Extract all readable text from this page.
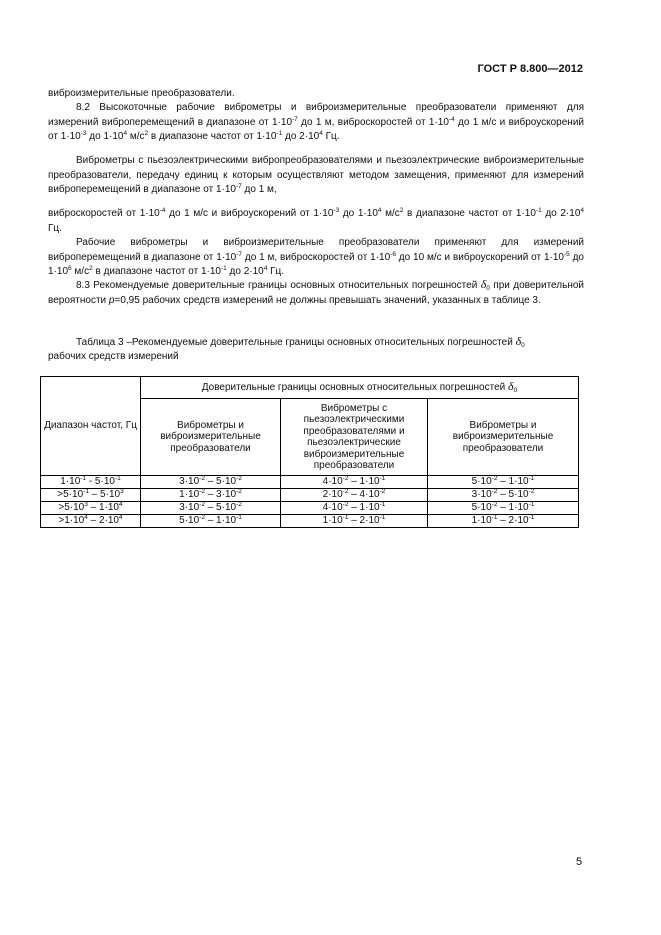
ГОСТ Р 8.800—2012

виброизмерительные преобразователи.

8.2 Высокоточные рабочие виброметры и виброизмерительные преобразователи применяют для измерений виброперемещений в диапазоне от $1\cdot 10^{-7}$ до 1 м, виброскоростей от $1\cdot 10^{-4}$ до 1 м/с и виброускорений от $1\cdot 10^{-3}$ до $1\cdot 10^4$ $м/с^2$ в диапазоне частот от $1\cdot 10^{-1}$ до $2\cdot 10^4$ Гц.

Виброметры с пьезоэлектрическими вибропреобразователями и пьезоэлектрические виброизмерительные преобразователи, передачу единиц к которым осуществляют методом замещения, применяют для измерений виброперемещений в диапазоне от $1\cdot 10^{-7}$ до 1 м,

виброскоростей от $1\cdot 10^{-4}$ до 1 м/с и виброускорений от $1\cdot 10^{-3}$ до $1\cdot 10^4$ $м/с^2$ в диапазоне частот от $1\cdot 10^{-1}$ до $2\cdot 10^4$ Гц.

Рабочие виброметры и виброизмерительные преобразователи применяют для измерений виброперемещений в диапазоне от $1\cdot 10^{-7}$ до 1 м, виброскоростей от $1\cdot 10^{-6}$ до 10 м/с и виброускорений от $1\cdot 10^{-5}$ до $1\cdot 10^6$ $м/с^2$ в диапазоне частот от $1\cdot 10^{-1}$ до $2\cdot 10^4$ Гц.

8.3 Рекомендуемые доверительные границы основных относительных погрешностей $\delta_0$ при доверительной вероятности р=0,95 рабочих средств измерений не должны превышать значений, указанных в таблице 3.

Таблица 3 –Рекомендуемые доверительные границы основных относительных погрешностей $\delta_0$

рабочих средств измерений

Диапазон частот, Гц	Доверительные границы основных относительных погрешностей $\delta_0$
	Виброметры и виброизмерительные преобразователи	Виброметры с пьезоэлектрическими преобразователями и пьезоэлектрические виброизмерительные преобразователи	Виброметры и виброизмерительные преобразователи
$1\cdot 10^{-1} - 5\cdot 10^{-1}$	$3\cdot 10^{-2} - 5\cdot 10^{-2}$	$4\cdot 10^{-2} - 1\cdot 10^{-1}$	$5\cdot 10^{-2} - 1\cdot 10^{-1}$
$>5\cdot 10^{-1} - 5\cdot 10^3$	$1\cdot 10^{-2} - 3\cdot 10^{-2}$	$2\cdot 10^{-2} - 4\cdot 10^{-2}$	$3\cdot 10^{-2} - 5\cdot 10^{-2}$
$>5\cdot 10^3 - 1\cdot 10^4$	$3\cdot 10^{-2} - 5\cdot 10^{-2}$	$4\cdot 10^{-2} - 1\cdot 10^{-1}$	$5\cdot 10^{-2} - 1\cdot 10^{-1}$
$>1\cdot 10^4 - 2\cdot 10^4$	$5\cdot 10^{-2} - 1\cdot 10^{-1}$	$1\cdot 10^{-1} - 2\cdot 10^{-1}$	$1\cdot 10^{-1} - 2\cdot 10^{-1}$
5
